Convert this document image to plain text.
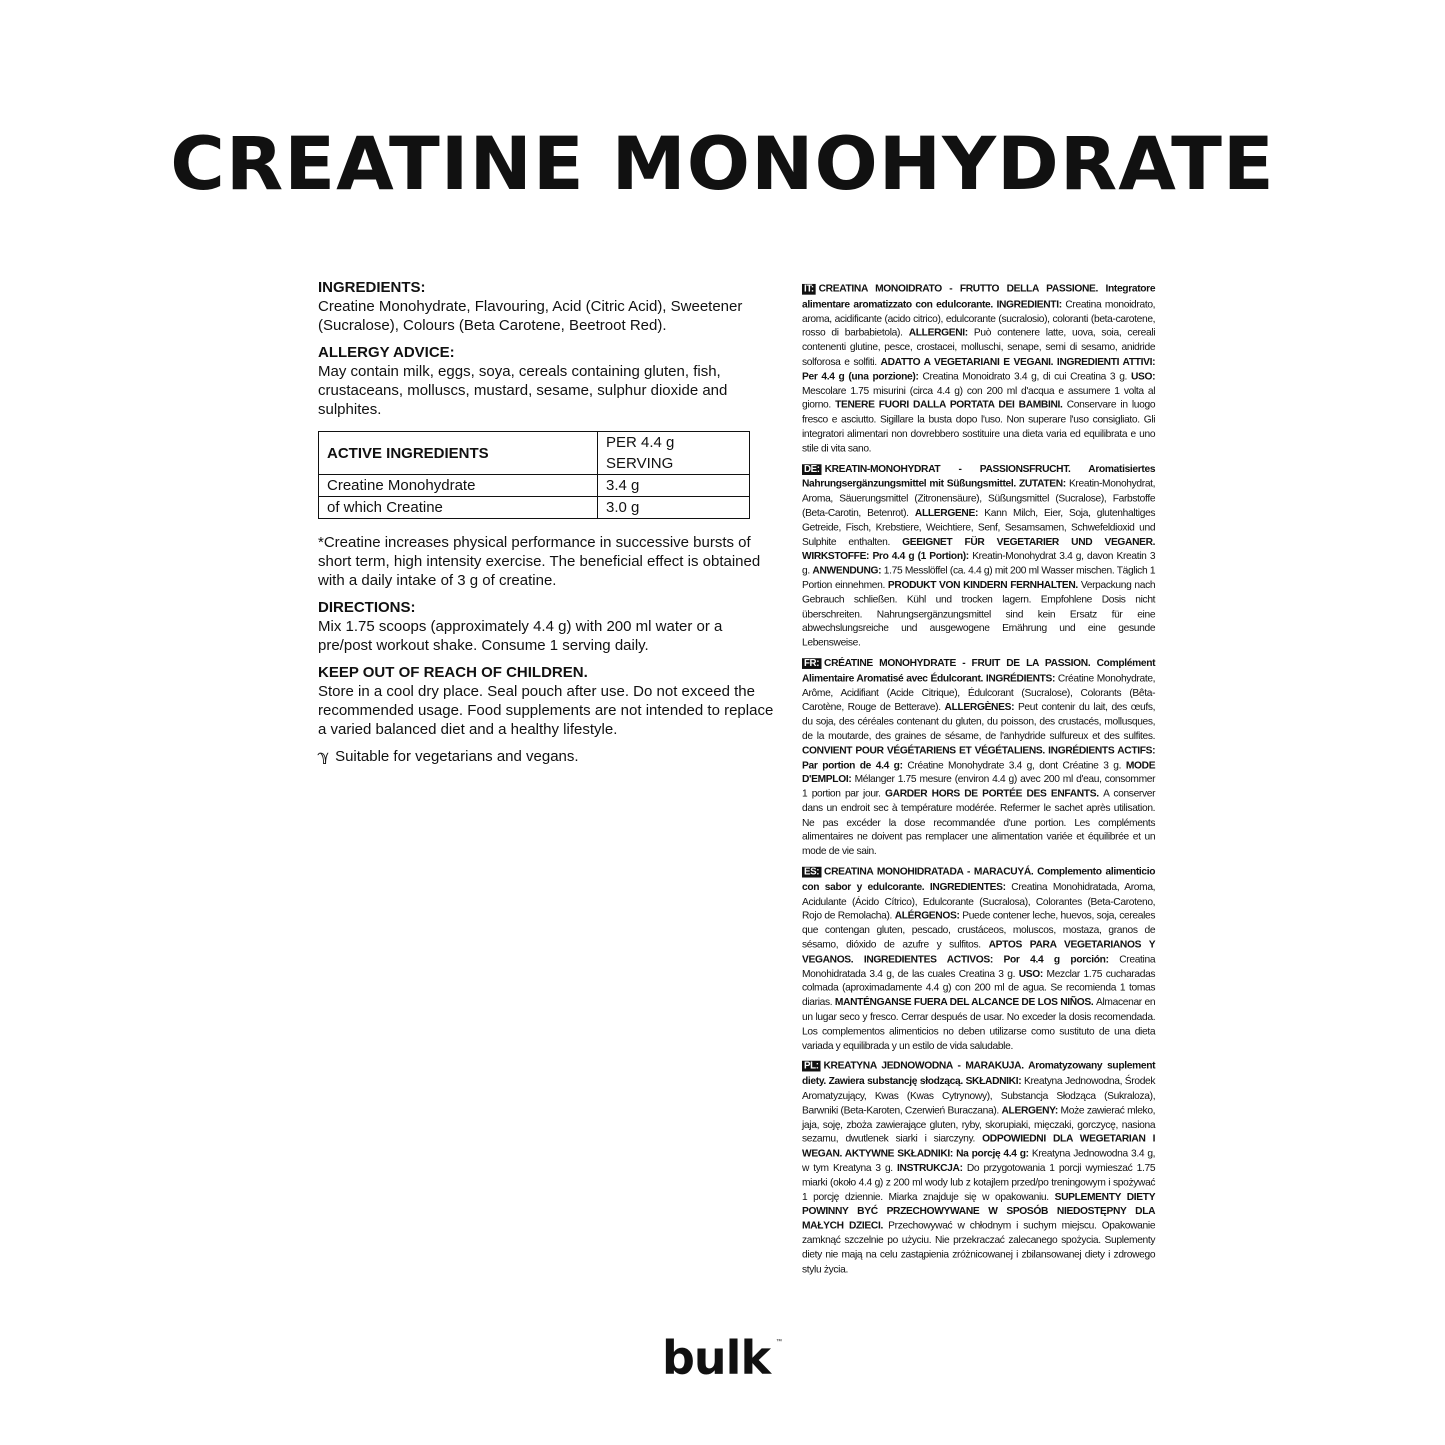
CREATINE MONOHYDRATE
INGREDIENTS:

Creatine Monohydrate, Flavouring, Acid (Citric Acid), Sweetener (Sucralose), Colours (Beta Carotene, Beetroot Red).

ALLERGY ADVICE:

May contain milk, eggs, soya, cereals containing gluten, fish, crustaceans, molluscs, mustard, sesame, sulphur dioxide and sulphites.

ACTIVE INGREDIENTS	PER 4.4 g SERVING
Creatine Monohydrate	3.4 g
of which Creatine	3.0 g

*Creatine increases physical performance in successive bursts of short term, high intensity exercise. The beneficial effect is obtained with a daily intake of 3 g of creatine.

DIRECTIONS:

Mix 1.75 scoops (approximately 4.4 g) with 200 ml water or a pre/post workout shake. Consume 1 serving daily.

KEEP OUT OF REACH OF CHILDREN.

Store in a cool dry place. Seal pouch after use. Do not exceed the recommended usage. Food supplements are not intended to replace a varied balanced diet and a healthy lifestyle.

ℽ Suitable for vegetarians and vegans.

IT: CREATINA MONOIDRATO - FRUTTO DELLA PASSIONE. Integratore alimentare aromatizzato con edulcorante. INGREDIENTI: Creatina monoidrato, aroma, acidificante (acido citrico), edulcorante (sucralosio), coloranti (beta-carotene, rosso di barbabietola). ALLERGENI: Può contenere latte, uova, soia, cereali contenenti glutine, pesce, crostacei, molluschi, senape, semi di sesamo, anidride solforosa e solfiti. ADATTO A VEGETARIANI E VEGANI. INGREDIENTI ATTIVI: Per 4.4 g (una porzione): Creatina Monoidrato 3.4 g, di cui Creatina 3 g. USO: Mescolare 1.75 misurini (circa 4.4 g) con 200 ml d'acqua e assumere 1 volta al giorno. TENERE FUORI DALLA PORTATA DEI BAMBINI. Conservare in luogo fresco e asciutto. Sigillare la busta dopo l'uso. Non superare l'uso consigliato. Gli integratori alimentari non dovrebbero sostituire una dieta varia ed equilibrata e uno stile di vita sano.

DE: KREATIN-MONOHYDRAT - PASSIONSFRUCHT. Aromatisiertes Nahrungsergänzungsmittel mit Süßungsmittel. ZUTATEN: Kreatin-Monohydrat, Aroma, Säuerungsmittel (Zitronensäure), Süßungsmittel (Sucralose), Farbstoffe (Beta-Carotin, Betenrot). ALLERGENE: Kann Milch, Eier, Soja, glutenhaltiges Getreide, Fisch, Krebstiere, Weichtiere, Senf, Sesamsamen, Schwefeldioxid und Sulphite enthalten. GEEIGNET FÜR VEGETARIER UND VEGANER. WIRKSTOFFE: Pro 4.4 g (1 Portion): Kreatin-Monohydrat 3.4 g, davon Kreatin 3 g. ANWENDUNG: 1.75 Messlöffel (ca. 4.4 g) mit 200 ml Wasser mischen. Täglich 1 Portion einnehmen. PRODUKT VON KINDERN FERNHALTEN. Verpackung nach Gebrauch schließen. Kühl und trocken lagern. Empfohlene Dosis nicht überschreiten. Nahrungsergänzungsmittel sind kein Ersatz für eine abwechslungsreiche und ausgewogene Ernährung und eine gesunde Lebensweise.

FR: CRÉATINE MONOHYDRATE - FRUIT DE LA PASSION. Complément Alimentaire Aromatisé avec Édulcorant. INGRÉDIENTS: Créatine Monohydrate, Arôme, Acidifiant (Acide Citrique), Édulcorant (Sucralose), Colorants (Bêta-Carotène, Rouge de Betterave). ALLERGÈNES: Peut contenir du lait, des œufs, du soja, des céréales contenant du gluten, du poisson, des crustacés, mollusques, de la moutarde, des graines de sésame, de l'anhydride sulfureux et des sulfites. CONVIENT POUR VÉGÉTARIENS ET VÉGÉTALIENS. INGRÉDIENTS ACTIFS: Par portion de 4.4 g: Créatine Monohydrate 3.4 g, dont Créatine 3 g. MODE D'EMPLOI: Mélanger 1.75 mesure (environ 4.4 g) avec 200 ml d'eau, consommer 1 portion par jour. GARDER HORS DE PORTÉE DES ENFANTS. A conserver dans un endroit sec à température modérée. Refermer le sachet après utilisation. Ne pas excéder la dose recommandée d'une portion. Les compléments alimentaires ne doivent pas remplacer une alimentation variée et équilibrée et un mode de vie sain.

ES: CREATINA MONOHIDRATADA - MARACUYÁ. Complemento alimenticio con sabor y edulcorante. INGREDIENTES: Creatina Monohidratada, Aroma, Acidulante (Ácido Cítrico), Edulcorante (Sucralosa), Colorantes (Beta-Caroteno, Rojo de Remolacha). ALÉRGENOS: Puede contener leche, huevos, soja, cereales que contengan gluten, pescado, crustáceos, moluscos, mostaza, granos de sésamo, dióxido de azufre y sulfitos. APTOS PARA VEGETARIANOS Y VEGANOS. INGREDIENTES ACTIVOS: Por 4.4 g porción: Creatina Monohidratada 3.4 g, de las cuales Creatina 3 g. USO: Mezclar 1.75 cucharadas colmada (aproximadamente 4.4 g) con 200 ml de agua. Se recomienda 1 tomas diarias. MANTÉNGANSE FUERA DEL ALCANCE DE LOS NIÑOS. Almacenar en un lugar seco y fresco. Cerrar después de usar. No exceder la dosis recomendada. Los complementos alimenticios no deben utilizarse como sustituto de una dieta variada y equilibrada y un estilo de vida saludable.

PL: KREATYNA JEDNOWODNA - MARAKUJA. Aromatyzowany suplement diety. Zawiera substancję słodzącą. SKŁADNIKI: Kreatyna Jednowodna, Środek Aromatyzujący, Kwas (Kwas Cytrynowy), Substancja Słodząca (Sukraloza), Barwniki (Beta-Karoten, Czerwień Buraczana). ALERGENY: Może zawierać mleko, jaja, soję, zboża zawierające gluten, ryby, skorupiaki, mięczaki, gorczycę, nasiona sezamu, dwutlenek siarki i siarczyny. ODPOWIEDNI DLA WEGETARIAN I WEGAN. AKTYWNE SKŁADNIKI: Na porcję 4.4 g: Kreatyna Jednowodna 3.4 g, w tym Kreatyna 3 g. INSTRUKCJA: Do przygotowania 1 porcji wymieszać 1.75 miarki (około 4.4 g) z 200 ml wody lub z kotajlem przed/po treningowym i spożywać 1 porcję dziennie. Miarka znajduje się w opakowaniu. SUPLEMENTY DIETY POWINNY BYĆ PRZECHOWYWANE W SPOSÓB NIEDOSTĘPNY DLA MAŁYCH DZIECI. Przechowywać w chłodnym i suchym miejscu. Opakowanie zamknąć szczelnie po użyciu. Nie przekraczać zalecanego spożycia. Suplementy diety nie mają na celu zastąpienia zróżnicowanej i zbilansowanej diety i zdrowego stylu życia.

bulk ™
